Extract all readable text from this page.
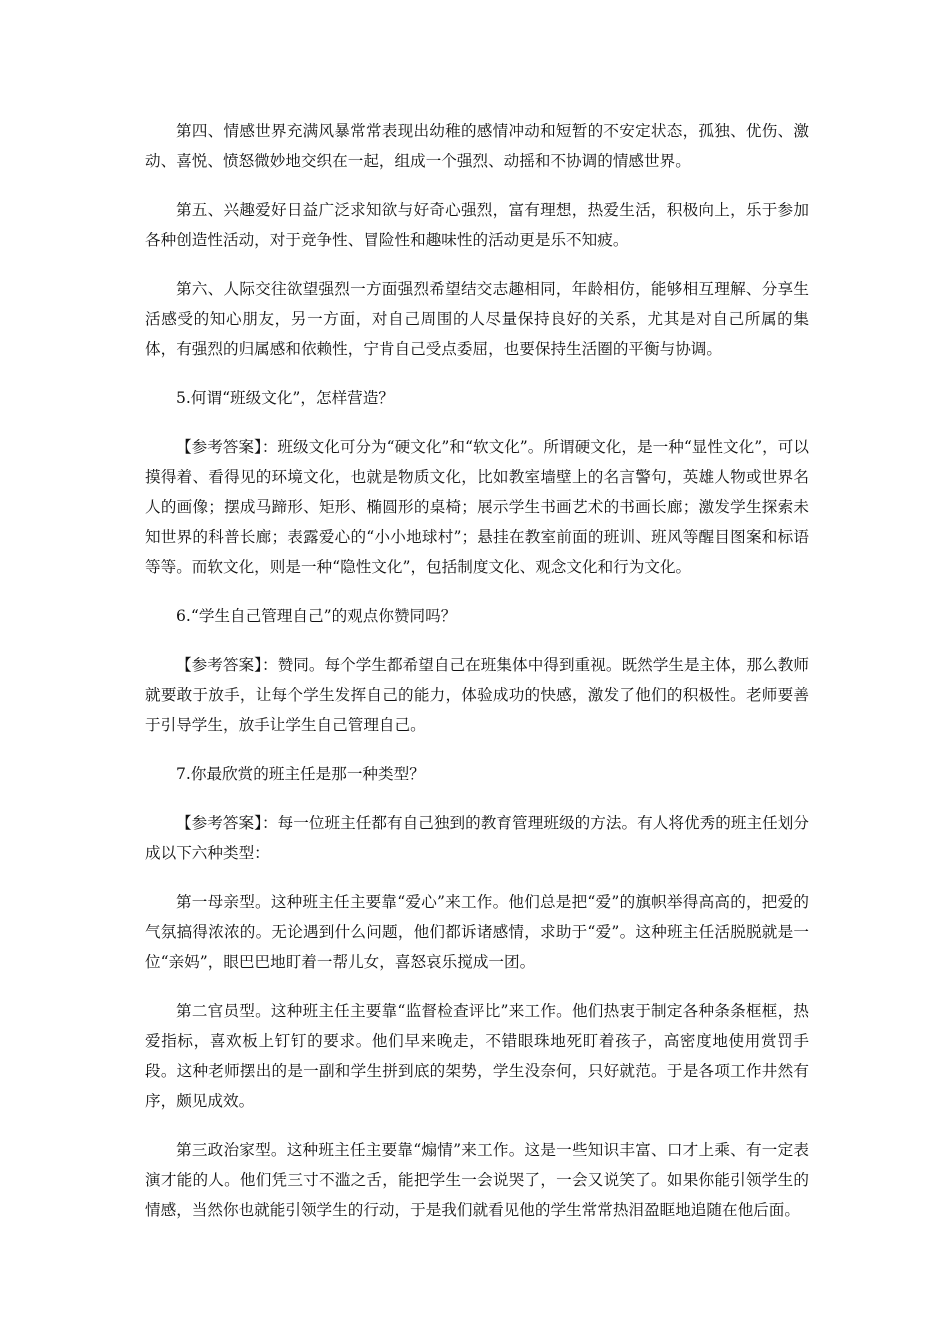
第四、情感世界充满风暴常常表现出幼稚的感情冲动和短暂的不安定状态，孤独、优伤、激动、喜悦、愤怒微妙地交织在一起，组成一个强烈、动摇和不协调的情感世界。

第五、兴趣爱好日益广泛求知欲与好奇心强烈，富有理想，热爱生活，积极向上，乐于参加各种创造性活动，对于竞争性、冒险性和趣味性的活动更是乐不知疲。

第六、人际交往欲望强烈一方面强烈希望结交志趣相同，年龄相仿，能够相互理解、分享生活感受的知心朋友，另一方面，对自己周围的人尽量保持良好的关系，尤其是对自己所属的集体，有强烈的归属感和依赖性，宁肯自己受点委屈，也要保持生活圈的平衡与协调。

5.何谓“班级文化”，怎样营造？

【参考答案】：班级文化可分为“硬文化”和“软文化”。所谓硬文化，是一种“显性文化”，可以摸得着、看得见的环境文化，也就是物质文化，比如教室墙壁上的名言警句，英雄人物或世界名人的画像；摆成马蹄形、矩形、椭圆形的桌椅；展示学生书画艺术的书画长廊；激发学生探索未知世界的科普长廊；表露爱心的“小小地球村”；悬挂在教室前面的班训、班风等醒目图案和标语等等。而软文化，则是一种“隐性文化”，包括制度文化、观念文化和行为文化。

6.“学生自己管理自己”的观点你赞同吗？

【参考答案】：赞同。每个学生都希望自己在班集体中得到重视。既然学生是主体，那么教师就要敢于放手，让每个学生发挥自己的能力，体验成功的快感，激发了他们的积极性。老师要善于引导学生，放手让学生自己管理自己。

7.你最欣赏的班主任是那一种类型？

【参考答案】：每一位班主任都有自己独到的教育管理班级的方法。有人将优秀的班主任划分成以下六种类型：

第一母亲型。这种班主任主要靠“爱心”来工作。他们总是把“爱”的旗帜举得高高的，把爱的气氛搞得浓浓的。无论遇到什么问题，他们都诉诸感情，求助于“爱”。这种班主任活脱脱就是一位“亲妈”，眼巴巴地盯着一帮儿女，喜怒哀乐搅成一团。

第二官员型。这种班主任主要靠“监督检查评比”来工作。他们热衷于制定各种条条框框，热爱指标，喜欢板上钉钉的要求。他们早来晚走，不错眼珠地死盯着孩子，高密度地使用赏罚手段。这种老师摆出的是一副和学生拼到底的架势，学生没奈何，只好就范。于是各项工作井然有序，颇见成效。

第三政治家型。这种班主任主要靠“煽情”来工作。这是一些知识丰富、口才上乘、有一定表演才能的人。他们凭三寸不滥之舌，能把学生一会说哭了，一会又说笑了。如果你能引领学生的情感，当然你也就能引领学生的行动，于是我们就看见他的学生常常热泪盈眶地追随在他后面。
